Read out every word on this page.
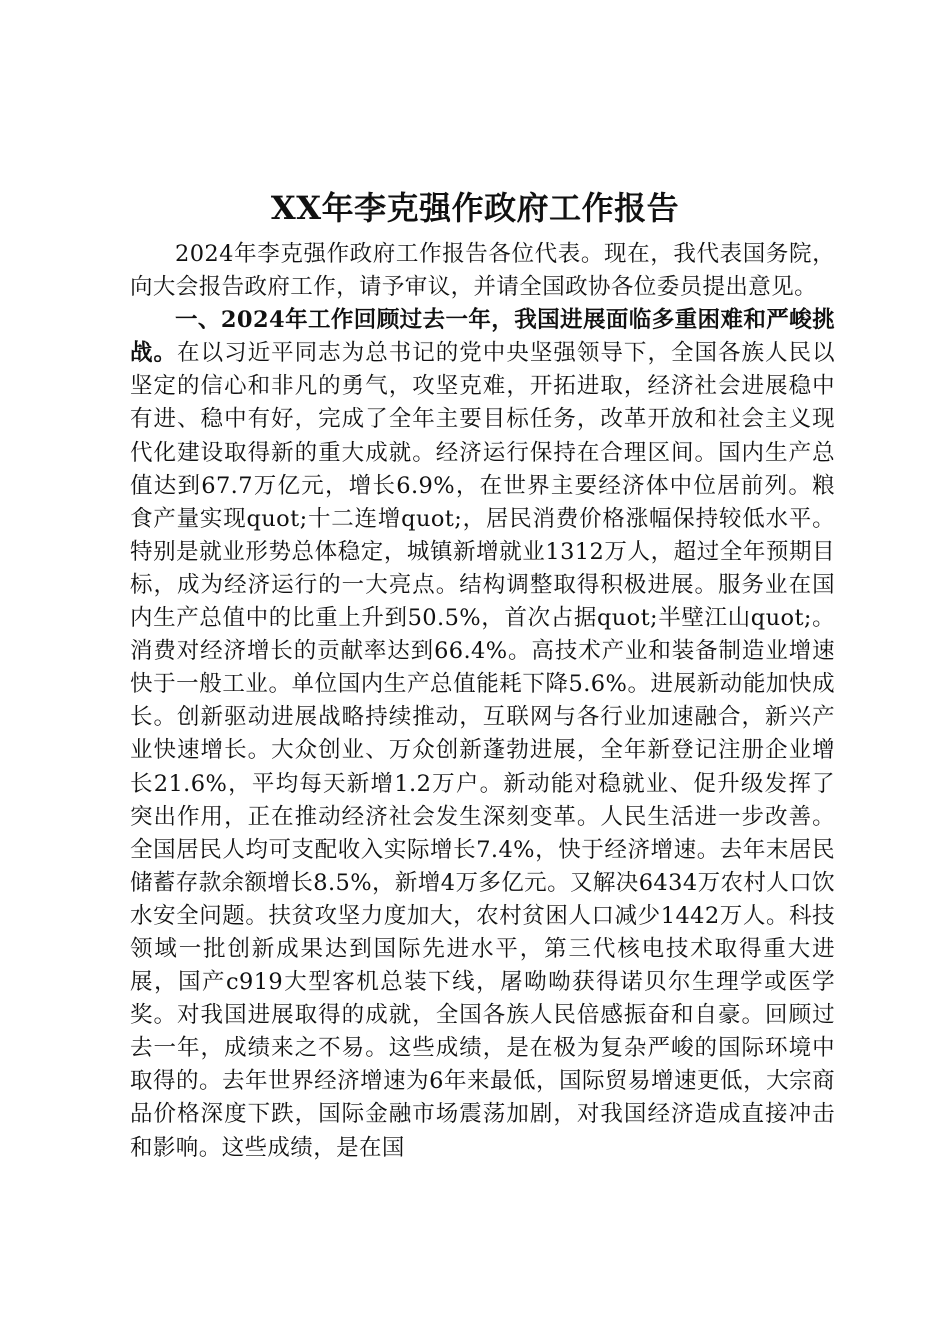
XX年李克强作政府工作报告

2024年李克强作政府工作报告各位代表。现在，我代表国务院，向大会报告政府工作，请予审议，并请全国政协各位委员提出意见。

一、2024年工作回顾过去一年，我国进展面临多重困难和严峻挑战。在以习近平同志为总书记的党中央坚强领导下，全国各族人民以坚定的信心和非凡的勇气，攻坚克难，开拓进取，经济社会进展稳中有进、稳中有好，完成了全年主要目标任务，改革开放和社会主义现代化建设取得新的重大成就。经济运行保持在合理区间。国内生产总值达到67.7万亿元，增长6.9%，在世界主要经济体中位居前列。粮食产量实现quot;十二连增quot;，居民消费价格涨幅保持较低水平。特别是就业形势总体稳定，城镇新增就业1312万人，超过全年预期目标，成为经济运行的一大亮点。结构调整取得积极进展。服务业在国内生产总值中的比重上升到50.5%，首次占据quot;半壁江山quot;。消费对经济增长的贡献率达到66.4%。高技术产业和装备制造业增速快于一般工业。单位国内生产总值能耗下降5.6%。进展新动能加快成长。创新驱动进展战略持续推动，互联网与各行业加速融合，新兴产业快速增长。大众创业、万众创新蓬勃进展，全年新登记注册企业增长21.6%，平均每天新增1.2万户。新动能对稳就业、促升级发挥了突出作用，正在推动经济社会发生深刻变革。人民生活进一步改善。全国居民人均可支配收入实际增长7.4%，快于经济增速。去年末居民储蓄存款余额增长8.5%，新增4万多亿元。又解决6434万农村人口饮水安全问题。扶贫攻坚力度加大，农村贫困人口减少1442万人。科技领域一批创新成果达到国际先进水平，第三代核电技术取得重大进展，国产c919大型客机总装下线，屠呦呦获得诺贝尔生理学或医学奖。对我国进展取得的成就，全国各族人民倍感振奋和自豪。回顾过去一年，成绩来之不易。这些成绩，是在极为复杂严峻的国际环境中取得的。去年世界经济增速为6年来最低，国际贸易增速更低，大宗商品价格深度下跌，国际金融市场震荡加剧，对我国经济造成直接冲击和影响。这些成绩，是在国
